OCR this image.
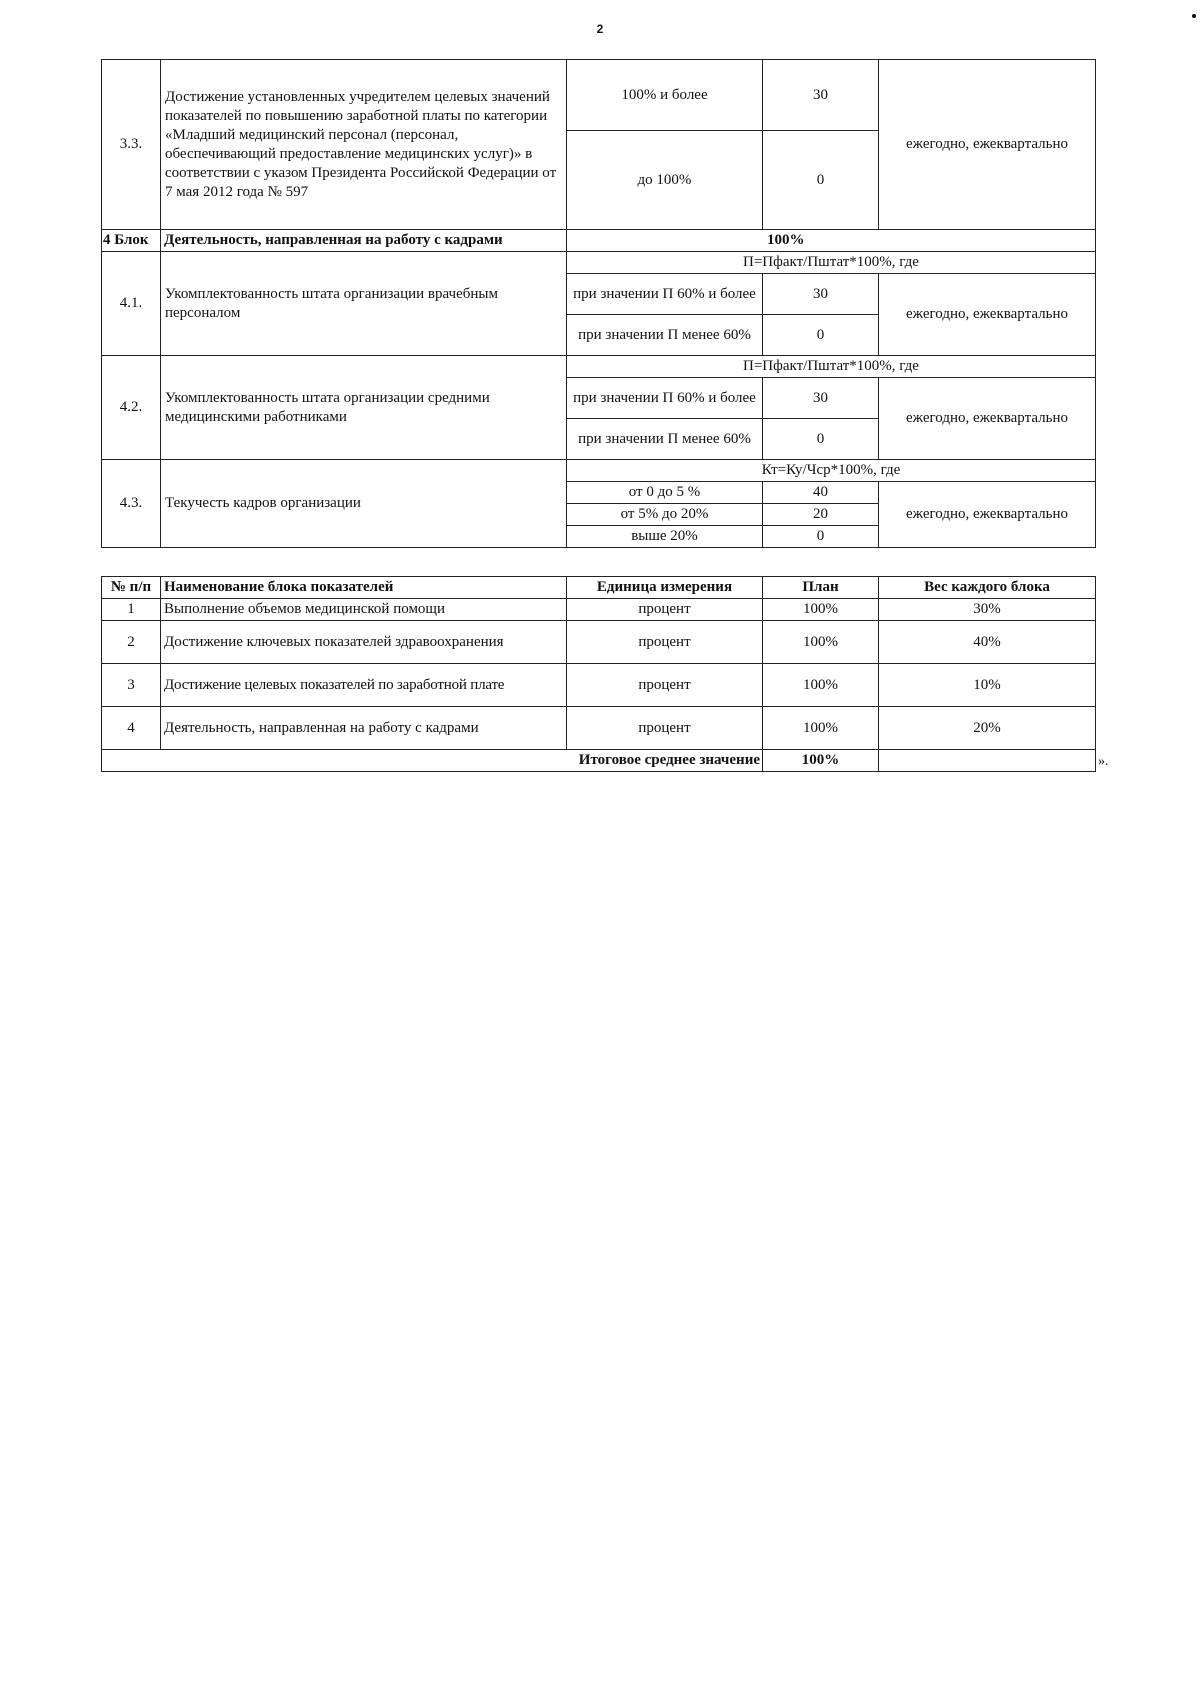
2
3.3.	Достижение установленных учредителем целевых значений показателей по повышению заработной платы по категории «Младший медицинский персонал (персонал, обеспечивающий предоставление медицинских услуг)» в соответствии с указом Президента Российской Федерации от 7 мая 2012 года № 597	100% и более	30	ежегодно, ежеквартально
		до 100%	0	
4 Блок	Деятельность, направленная на работу с кадрами	100%		
4.1.	Укомплектованность штата организации врачебным персоналом	П=Пфакт/Пштат*100%, где		
		при значении П 60% и более	30	ежегодно, ежеквартально
		при значении П менее 60%	0	
4.2.	Укомплектованность штата организации средними медицинскими работниками	П=Пфакт/Пштат*100%, где		
		при значении П 60% и более	30	ежегодно, ежеквартально
		при значении П менее 60%	0	
4.3.	Текучесть кадров организации	Кт=Ку/Чср*100%, где		
		от 0 до 5 %	40	ежегодно, ежеквартально
		от 5% до 20%	20	
		выше 20%	0	
№ п/п	Наименование блока показателей	Единица измерения	План	Вес каждого блока
1	Выполнение объемов медицинской помощи	процент	100%	30%
2	Достижение ключевых показателей здравоохранения	процент	100%	40%
3	Достижение целевых показателей по заработной плате	процент	100%	10%
4	Деятельность, направленная на работу с кадрами	процент	100%	20%
Итоговое среднее значение			100%		».
